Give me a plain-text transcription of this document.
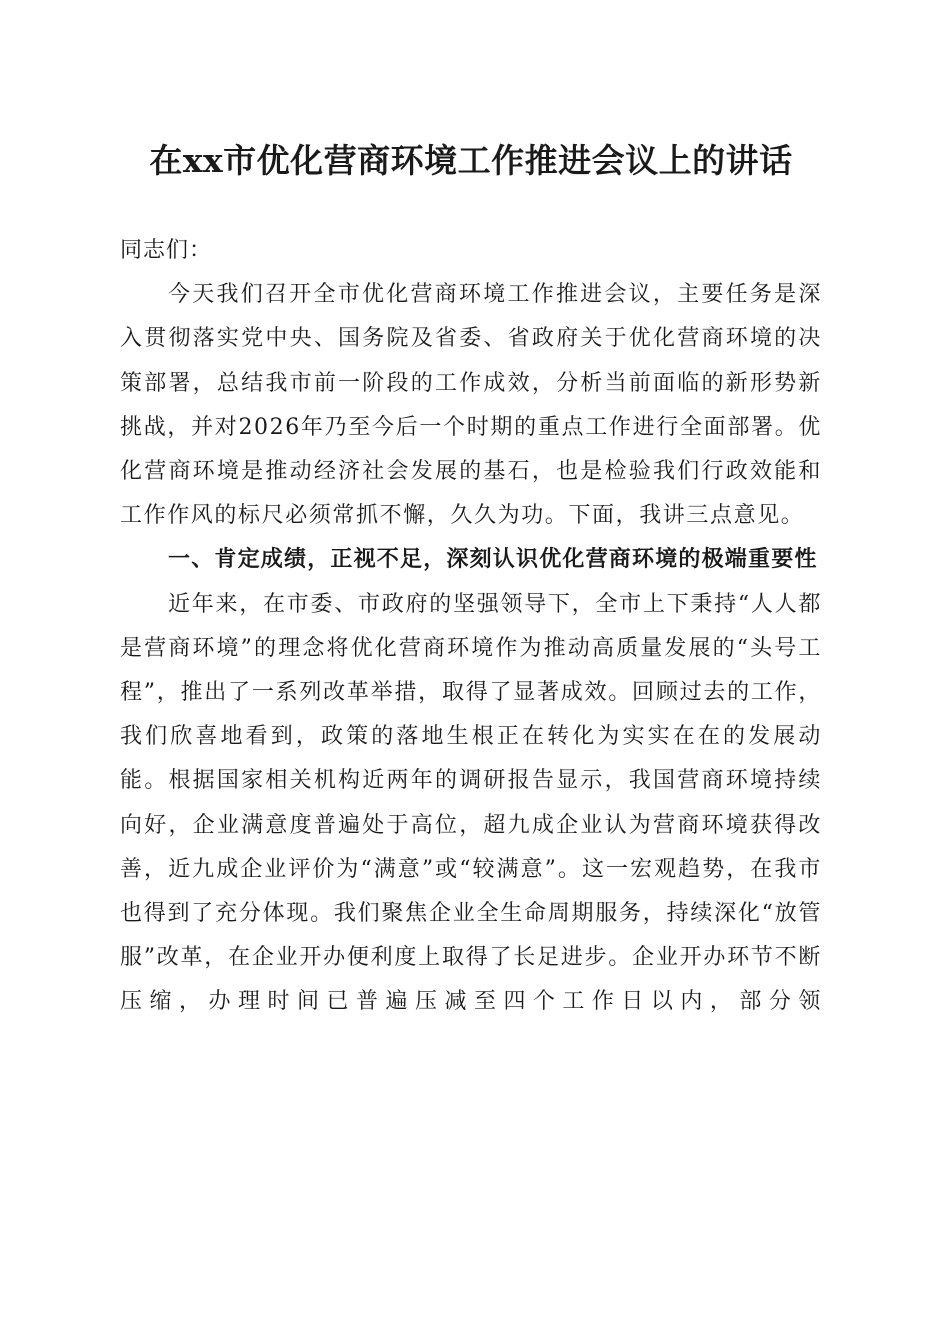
在xx市优化营商环境工作推进会议上的讲话

同志们：

今天我们召开全市优化营商环境工作推进会议，主要任务是深入贯彻落实党中央、国务院及省委、省政府关于优化营商环境的决策部署，总结我市前一阶段的工作成效，分析当前面临的新形势新挑战，并对2026年乃至今后一个时期的重点工作进行全面部署。优化营商环境是推动经济社会发展的基石，也是检验我们行政效能和工作作风的标尺必须常抓不懈，久久为功。下面，我讲三点意见。

一、肯定成绩，正视不足，深刻认识优化营商环境的极端重要性

近年来，在市委、市政府的坚强领导下，全市上下秉持“人人都是营商环境”的理念将优化营商环境作为推动高质量发展的“头号工程”，推出了一系列改革举措，取得了显著成效。回顾过去的工作，我们欣喜地看到，政策的落地生根正在转化为实实在在的发展动能。根据国家相关机构近两年的调研报告显示，我国营商环境持续向好，企业满意度普遍处于高位，超九成企业认为营商环境获得改善，近九成企业评价为“满意”或“较满意”。这一宏观趋势，在我市也得到了充分体现。我们聚焦企业全生命周期服务，持续深化“放管服”改革，在企业开办便利度上取得了长足进步。企业开办环节不断压缩，办理时间已普遍压减至四个工作日以内，部分领
